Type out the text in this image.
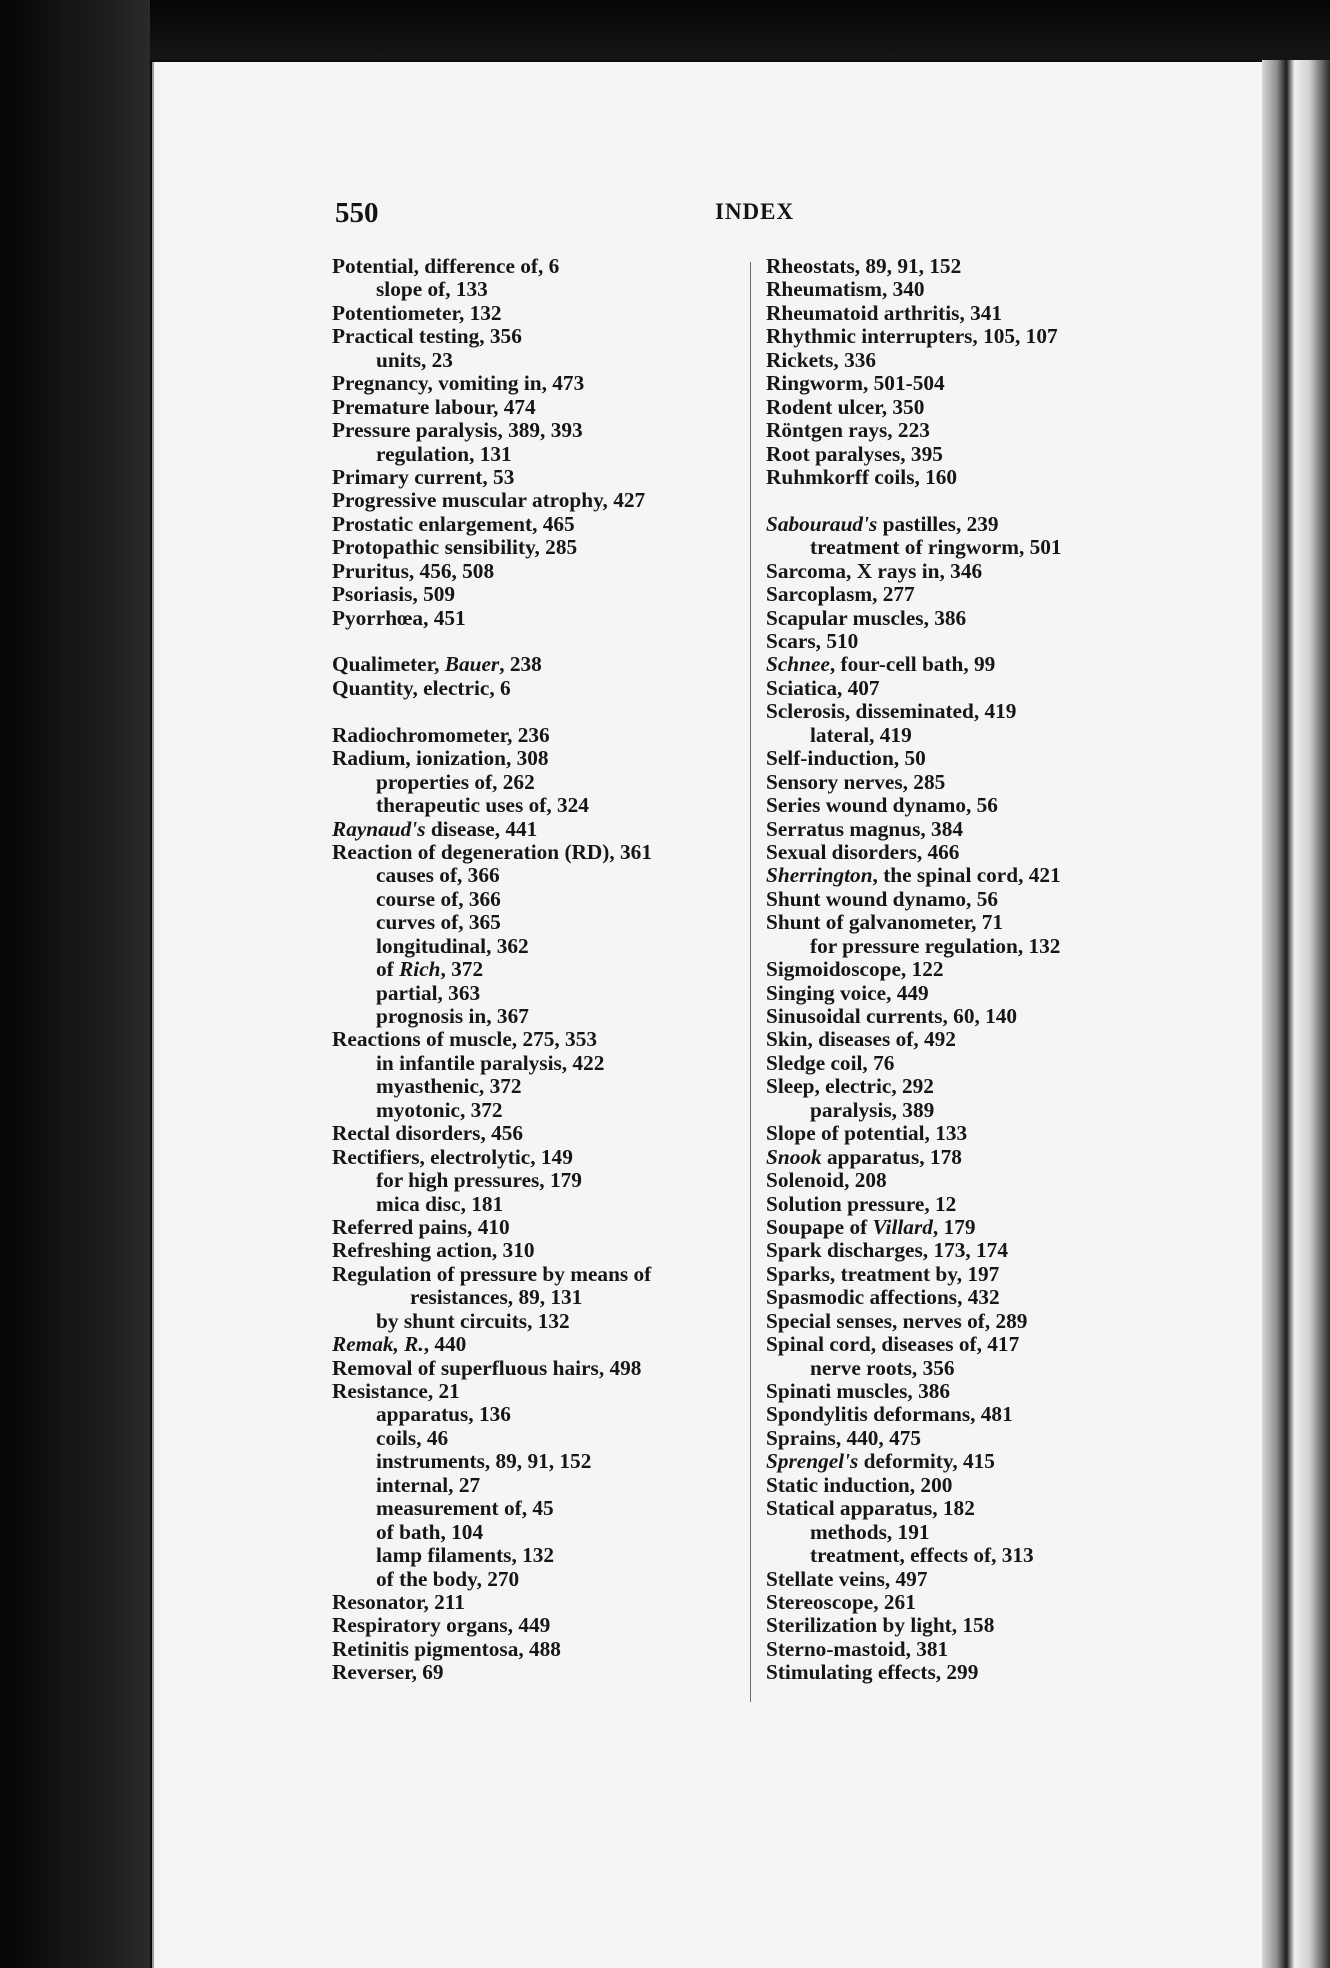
550	INDEX
Potential, difference of, 6
slope of, 133
Potentiometer, 132
Practical testing, 356
units, 23
Pregnancy, vomiting in, 473
Premature labour, 474
Pressure paralysis, 389, 393
regulation, 131
Primary current, 53
Progressive muscular atrophy, 427
Prostatic enlargement, 465
Protopathic sensibility, 285
Pruritus, 456, 508
Psoriasis, 509
Pyorrhœa, 451
Qualimeter, Bauer, 238
Quantity, electric, 6
Radiochromometer, 236
Radium, ionization, 308
properties of, 262
therapeutic uses of, 324
Raynaud's disease, 441
Reaction of degeneration (RD), 361
causes of, 366
course of, 366
curves of, 365
longitudinal, 362
of Rich, 372
partial, 363
prognosis in, 367
Reactions of muscle, 275, 353
in infantile paralysis, 422
myasthenic, 372
myotonic, 372
Rectal disorders, 456
Rectifiers, electrolytic, 149
for high pressures, 179
mica disc, 181
Referred pains, 410
Refreshing action, 310
Regulation of pressure by means of
resistances, 89, 131
by shunt circuits, 132
Remak, R., 440
Removal of superfluous hairs, 498
Resistance, 21
apparatus, 136
coils, 46
instruments, 89, 91, 152
internal, 27
measurement of, 45
of bath, 104
lamp filaments, 132
of the body, 270
Resonator, 211
Respiratory organs, 449
Retinitis pigmentosa, 488
Reverser, 69
Rheostats, 89, 91, 152
Rheumatism, 340
Rheumatoid arthritis, 341
Rhythmic interrupters, 105, 107
Rickets, 336
Ringworm, 501-504
Rodent ulcer, 350
Röntgen rays, 223
Root paralyses, 395
Ruhmkorff coils, 160
Sabouraud's pastilles, 239
treatment of ringworm, 501
Sarcoma, X rays in, 346
Sarcoplasm, 277
Scapular muscles, 386
Scars, 510
Schnee, four-cell bath, 99
Sciatica, 407
Sclerosis, disseminated, 419
lateral, 419
Self-induction, 50
Sensory nerves, 285
Series wound dynamo, 56
Serratus magnus, 384
Sexual disorders, 466
Sherrington, the spinal cord, 421
Shunt wound dynamo, 56
Shunt of galvanometer, 71
for pressure regulation, 132
Sigmoidoscope, 122
Singing voice, 449
Sinusoidal currents, 60, 140
Skin, diseases of, 492
Sledge coil, 76
Sleep, electric, 292
paralysis, 389
Slope of potential, 133
Snook apparatus, 178
Solenoid, 208
Solution pressure, 12
Soupape of Villard, 179
Spark discharges, 173, 174
Sparks, treatment by, 197
Spasmodic affections, 432
Special senses, nerves of, 289
Spinal cord, diseases of, 417
nerve roots, 356
Spinati muscles, 386
Spondylitis deformans, 481
Sprains, 440, 475
Sprengel's deformity, 415
Static induction, 200
Statical apparatus, 182
methods, 191
treatment, effects of, 313
Stellate veins, 497
Stereoscope, 261
Sterilization by light, 158
Sterno-mastoid, 381
Stimulating effects, 299
